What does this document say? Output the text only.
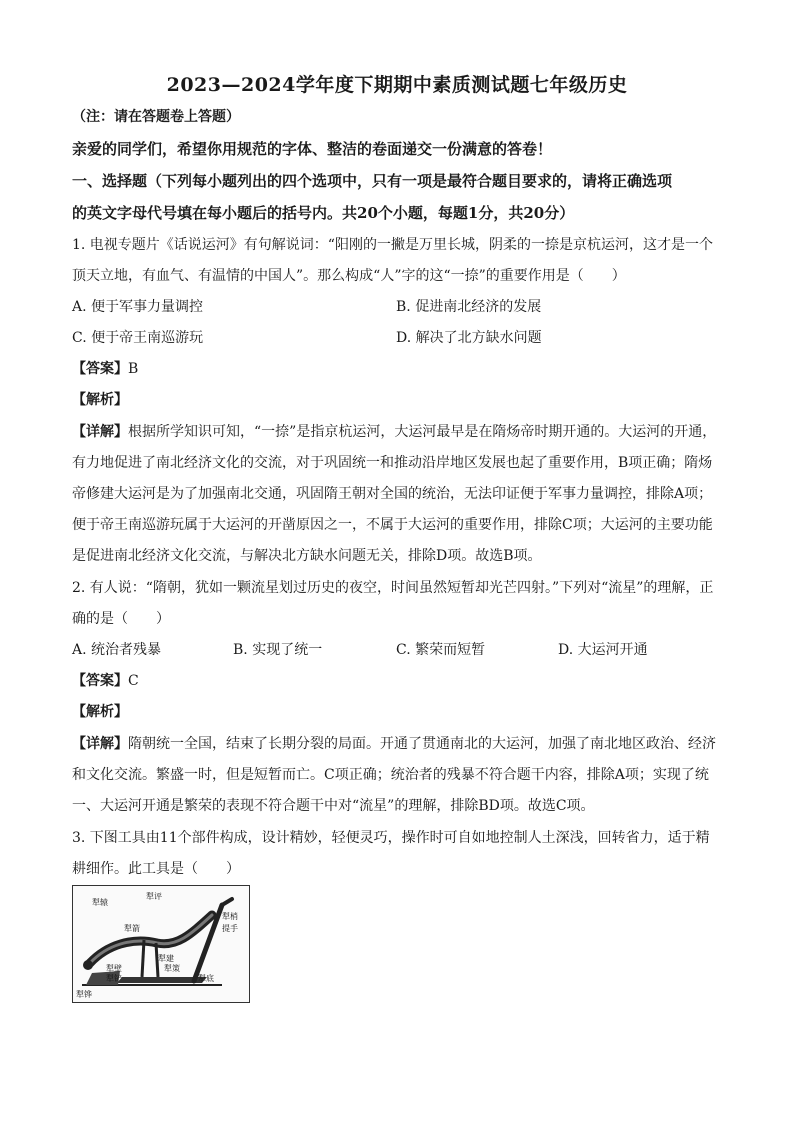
2023—2024学年度下期期中素质测试题七年级历史
（注：请在答题卷上答题）
亲爱的同学们，希望你用规范的字体、整洁的卷面递交一份满意的答卷！
一、选择题（下列每小题列出的四个选项中，只有一项是最符合题目要求的，请将正确选项
的英文字母代号填在每小题后的括号内。共20个小题，每题1分，共20分）
1. 电视专题片《话说运河》有句解说词：“阳刚的一撇是万里长城，阴柔的一捺是京杭运河，这才是一个
顶天立地，有血气、有温情的中国人”。那么构成“人”字的这“一捺”的重要作用是（　　）
A. 便于军事力量调控	B. 促进南北经济的发展
C. 便于帝王南巡游玩	D. 解决了北方缺水问题
【答案】B
【解析】
【详解】根据所学知识可知，“一捺”是指京杭运河，大运河最早是在隋炀帝时期开通的。大运河的开通，
有力地促进了南北经济文化的交流，对于巩固统一和推动沿岸地区发展也起了重要作用，B项正确；隋炀
帝修建大运河是为了加强南北交通，巩固隋王朝对全国的统治，无法印证便于军事力量调控，排除A项；
便于帝王南巡游玩属于大运河的开凿原因之一，不属于大运河的重要作用，排除C项；大运河的主要功能
是促进南北经济文化交流，与解决北方缺水问题无关，排除D项。故选B项。
2. 有人说：“隋朝，犹如一颗流星划过历史的夜空，时间虽然短暂却光芒四射。”下列对“流星”的理解，正
确的是（　　）
A. 统治者残暴	B. 实现了统一	C. 繁荣而短暂	D. 大运河开通
【答案】C
【解析】
【详解】隋朝统一全国，结束了长期分裂的局面。开通了贯通南北的大运河，加强了南北地区政治、经济
和文化交流。繁盛一时，但是短暂而亡。C项正确；统治者的残暴不符合题干内容，排除A项；实现了统
一、大运河开通是繁荣的表现不符合题干中对“流星”的理解，排除BD项。故选C项。
3. 下图工具由11个部件构成，设计精妙，轻便灵巧，操作时可自如地控制人土深浅，回转省力，适于精
耕细作。此工具是（　　）
犁辕
犁评
犁梢
提手
犁箭
犁建
犁策
犁壁
犁铲	犁底
犁铧
